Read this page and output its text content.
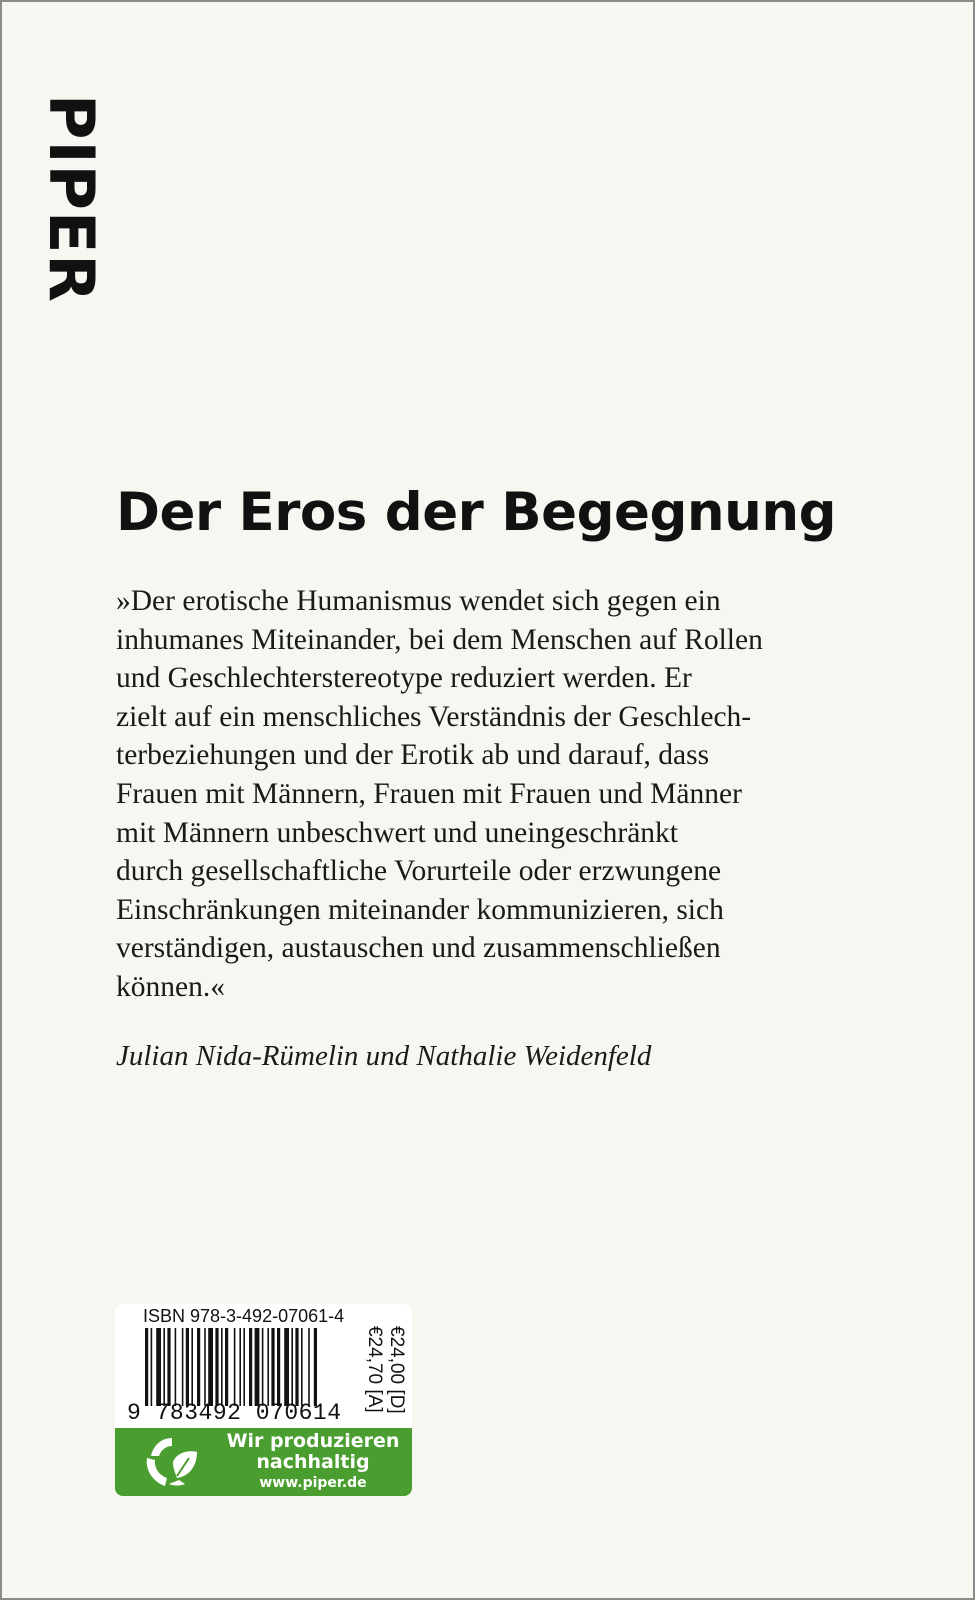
PIPER
Der Eros der Begegnung

»Der erotische Humanismus wendet sich gegen ein
inhumanes Miteinander, bei dem Menschen auf Rollen
und Geschlechterstereotype reduziert werden. Er
zielt auf ein menschliches Verständnis der Geschlech-
terbeziehungen und der Erotik ab und darauf, dass
Frauen mit Männern, Frauen mit Frauen und Männer
mit Männern unbeschwert und uneingeschränkt
durch gesellschaftliche Vorurteile oder erzwungene
Einschränkungen miteinander kommunizieren, sich
verständigen, austauschen und zusammenschließen
können.«

Julian Nida-Rümelin und Nathalie Weidenfeld

ISBN 978-3-492-07061-4
9 783492 070614 €24,00 [D]
€24,70 [A]
Wir produzieren
nachhaltig
www.piper.de
